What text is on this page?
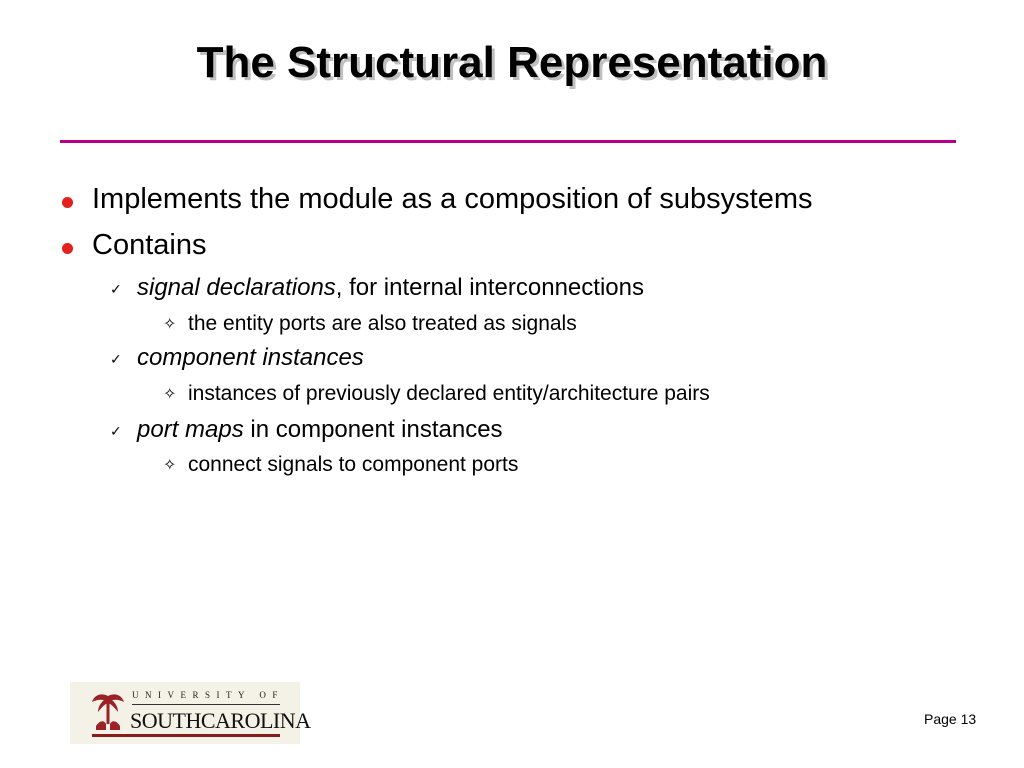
The Structural Representation
Implements the module as a composition of subsystems
Contains
✓ signal declarations, for internal interconnections
✧ the entity ports are also treated as signals
✓ component instances
✧ instances of previously declared entity/architecture pairs
✓ port maps in component instances
✧ connect signals to component ports
UNIVERSITY OF
SOUTHCAROLINA	Page 13
